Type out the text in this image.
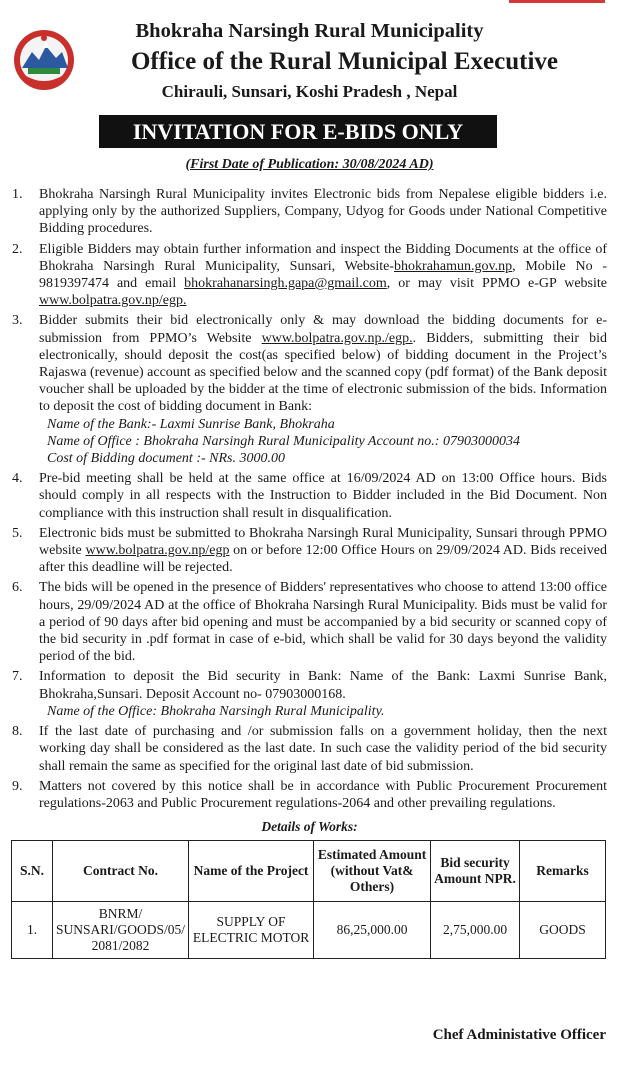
Bhokraha Narsingh Rural Municipality
Office of the Rural Municipal Executive
Chirauli, Sunsari, Koshi Pradesh , Nepal
INVITATION FOR E-BIDS ONLY
(First Date of Publication: 30/08/2024 AD)
1. Bhokraha Narsingh Rural Municipality invites Electronic bids from Nepalese eligible bidders i.e. applying only by the authorized Suppliers, Company, Udyog for Goods under National Competitive Bidding procedures.
2. Eligible Bidders may obtain further information and inspect the Bidding Documents at the office of Bhokraha Narsingh Rural Municipality, Sunsari, Website-bhokrahamun.gov.np, Mobile No - 9819397474 and email bhokrahanarsingh.gapa@gmail.com, or may visit PPMO e-GP website www.bolpatra.gov.np/egp.
3. Bidder submits their bid electronically only & may download the bidding documents for e-submission from PPMO’s Website www.bolpatra.gov.np./egp.. Bidders, submitting their bid electronically, should deposit the cost(as specified below) of bidding document in the Project’s Rajaswa (revenue) account as specified below and the scanned copy (pdf format) of the Bank deposit voucher shall be uploaded by the bidder at the time of electronic submission of the bids. Information to deposit the cost of bidding document in Bank:
Name of the Bank:- Laxmi Sunrise Bank, Bhokraha
Name of Office : Bhokraha Narsingh Rural Municipality Account no.: 07903000034
Cost of Bidding document :- NRs. 3000.00
4. Pre-bid meeting shall be held at the same office at 16/09/2024 AD on 13:00 Office hours. Bids should comply in all respects with the Instruction to Bidder included in the Bid Document. Non compliance with this instruction shall result in disqualification.
5. Electronic bids must be submitted to Bhokraha Narsingh Rural Municipality, Sunsari through PPMO website www.bolpatra.gov.np/egp on or before 12:00 Office Hours on 29/09/2024 AD. Bids received after this deadline will be rejected.
6. The bids will be opened in the presence of Bidders' representatives who choose to attend 13:00 office hours, 29/09/2024 AD at the office of Bhokraha Narsingh Rural Municipality. Bids must be valid for a period of 90 days after bid opening and must be accompanied by a bid security or scanned copy of the bid security in .pdf format in case of e-bid, which shall be valid for 30 days beyond the validity period of the bid.
7. Information to deposit the Bid security in Bank: Name of the Bank: Laxmi Sunrise Bank, Bhokraha,Sunsari. Deposit Account no- 07903000168.
Name of the Office: Bhokraha Narsingh Rural Municipality.
8. If the last date of purchasing and /or submission falls on a government holiday, then the next working day shall be considered as the last date. In such case the validity period of the bid security shall remain the same as specified for the original last date of bid submission.
9. Matters not covered by this notice shall be in accordance with Public Procurement Procurement regulations-2063 and Public Procurement regulations-2064 and other prevailing regulations.
Details of Works:
S.N.	Contract No.	Name of the Project	Estimated Amount (without Vat& Others)	Bid security Amount NPR.	Remarks
1.	BNRM/ SUNSARI/GOODS/05/ 2081/2082	SUPPLY OF ELECTRIC MOTOR	86,25,000.00	2,75,000.00	GOODS
Chef Administative Officer
